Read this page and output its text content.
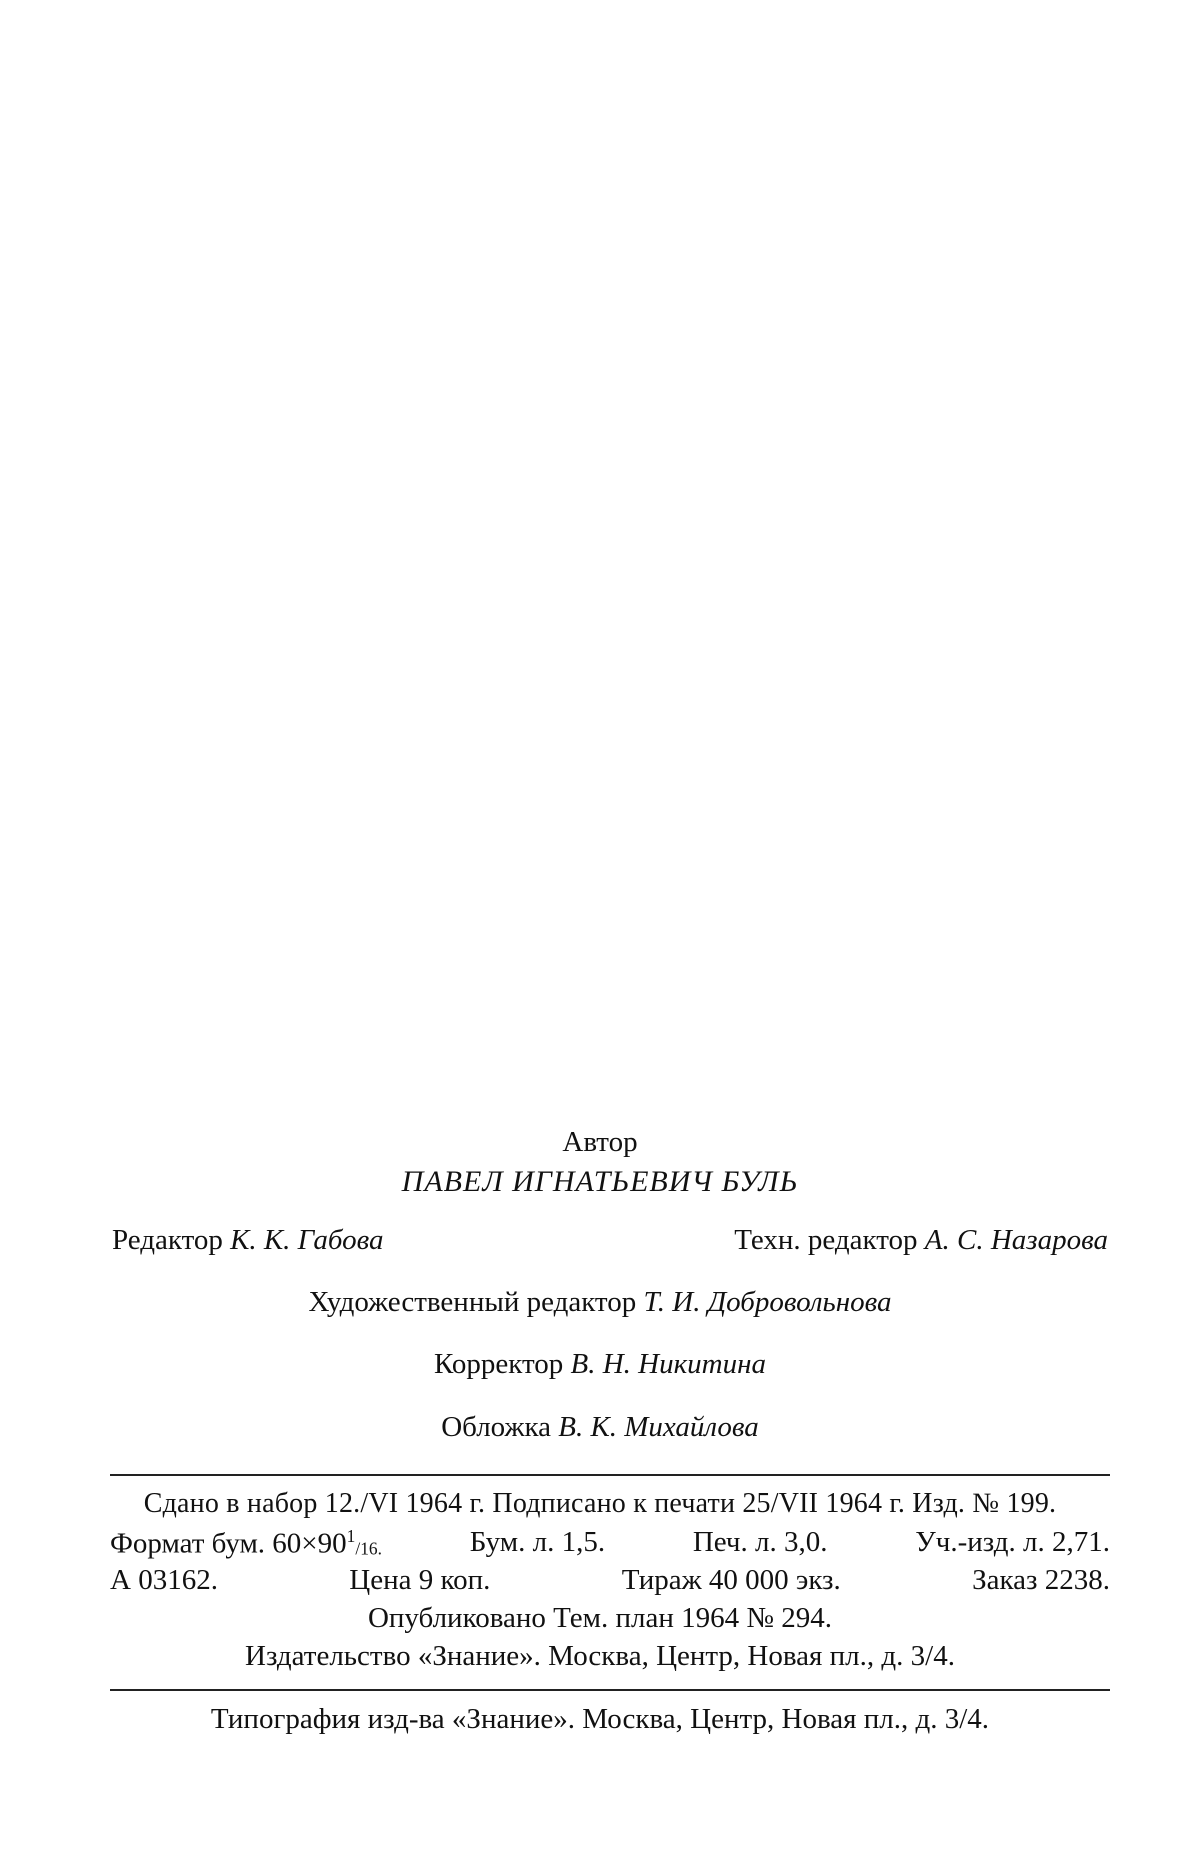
Автор
ПАВЕЛ ИГНАТЬЕВИЧ БУЛЬ
Редактор К. К. Габова	Техн. редактор А. С. Назарова
Художественный редактор Т. И. Добровольнова
Корректор В. Н. Никитина
Обложка В. К. Михайлова
Сдано в набор 12./VI 1964 г. Подписано к печати 25/VII 1964 г. Изд. № 199.
Формат бум. $60\times 90^1_{/16.}$	Бум. л. 1,5.	Печ. л. 3,0.	Уч.-изд. л. 2,71.
А 03162.	Цена 9 коп.	Тираж 40 000 экз.	Заказ 2238.
Опубликовано Тем. план 1964 № 294.
Издательство «Знание». Москва, Центр, Новая пл., д. 3/4.
Типография изд-ва «Знание». Москва, Центр, Новая пл., д. 3/4.
